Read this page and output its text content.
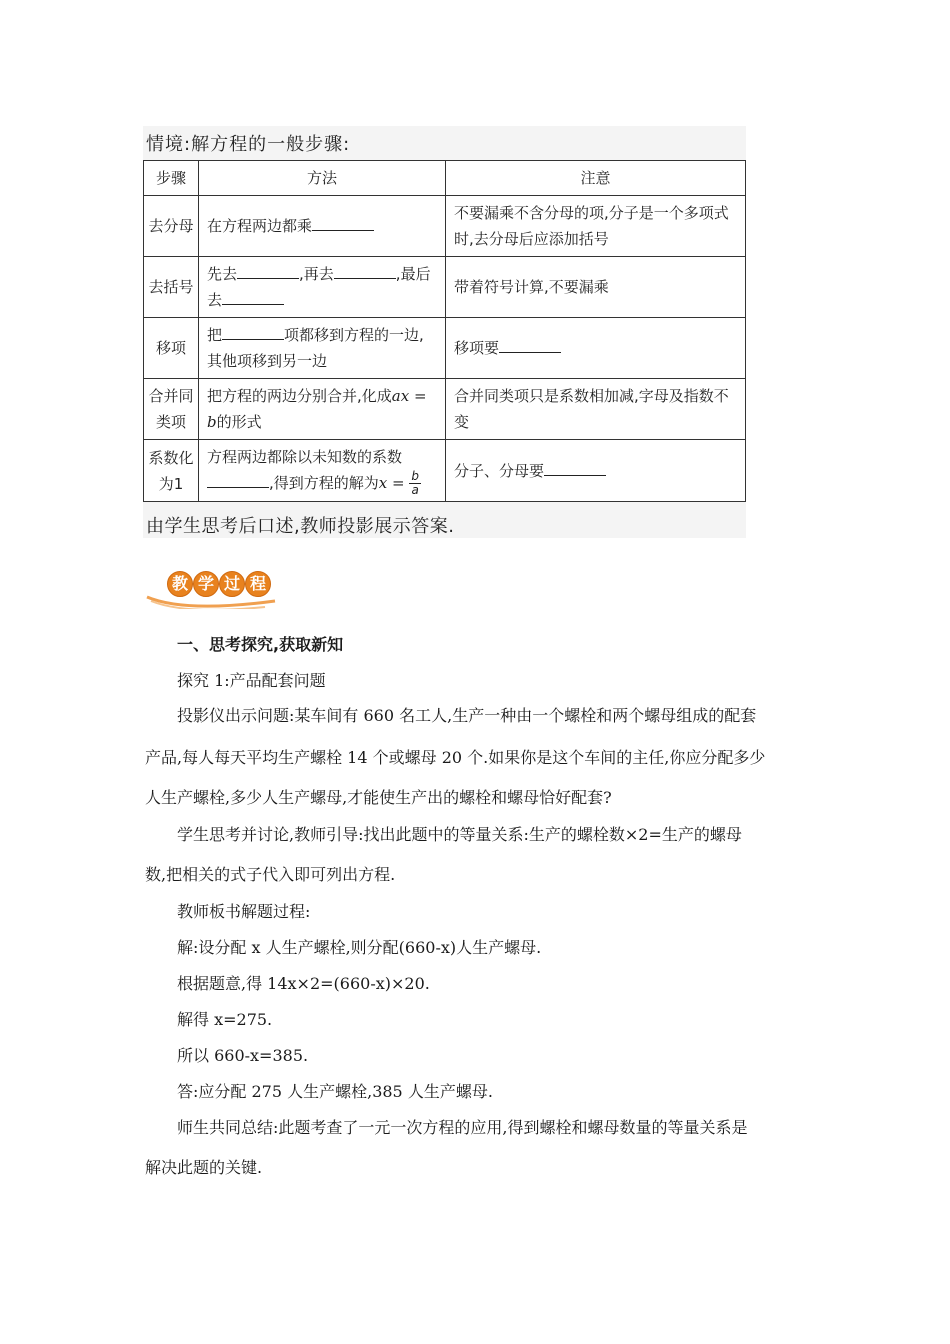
情境:解方程的一般步骤:
步骤	方法	注意
去分母	在方程两边都乘	不要漏乘不含分母的项,分子是一个多项式时,去分母后应添加括号
去括号	先去 ,再去 ,最后去	带着符号计算,不要漏乘
移项	把 项都移到方程的一边,其他项移到另一边	移项要
合并同类项	把方程的两边分别合并,化成ax = b的形式	合并同类项只是系数相加减,字母及指数不变
系数化为1	方程两边都除以未知数的系数,得到方程的解为$x = \frac{b}{a}$	分子、分母要
由学生思考后口述,教师投影展示答案.
教 学 过 程
一、思考探究,获取新知
探究 1:产品配套问题
投影仪出示问题:某车间有 660 名工人,生产一种由一个螺栓和两个螺母组成的配套
产品,每人每天平均生产螺栓 14 个或螺母 20 个.如果你是这个车间的主任,你应分配多少
人生产螺栓,多少人生产螺母,才能使生产出的螺栓和螺母恰好配套?
学生思考并讨论,教师引导:找出此题中的等量关系:生产的螺栓数×2=生产的螺母
数,把相关的式子代入即可列出方程.
教师板书解题过程:
解:设分配 x 人生产螺栓,则分配(660-x)人生产螺母.
根据题意,得 14x×2=(660-x)×20.
解得 x=275.
所以 660-x=385.
答:应分配 275 人生产螺栓,385 人生产螺母.
师生共同总结:此题考查了一元一次方程的应用,得到螺栓和螺母数量的等量关系是
解决此题的关键.
